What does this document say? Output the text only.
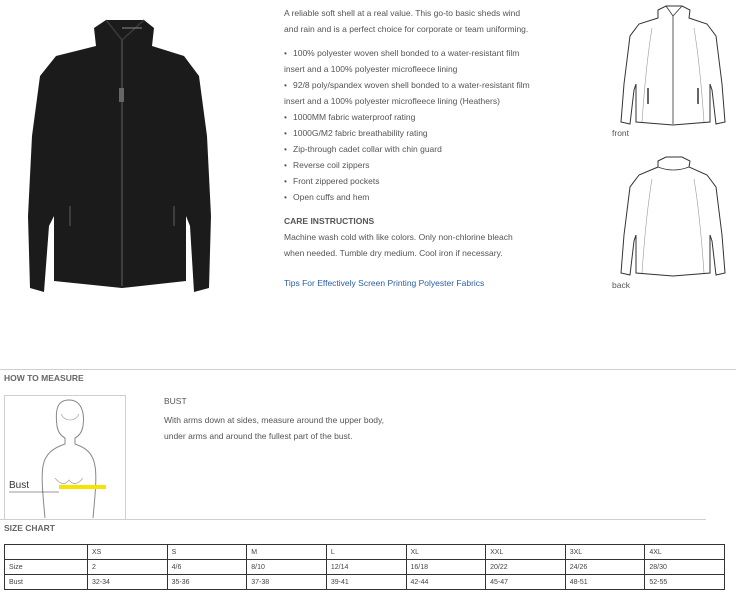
A reliable soft shell at a real value. This go-to basic sheds wind and rain and is a perfect choice for corporate or team uniforming.

• 100% polyester woven shell bonded to a water-resistant film insert and a 100% polyester microfleece lining
• 92/8 poly/spandex woven shell bonded to a water-resistant film insert and a 100% polyester microfleece lining (Heathers)
• 1000MM fabric waterproof rating
• 1000G/M2 fabric breathability rating
• Zip-through cadet collar with chin guard
• Reverse coil zippers
• Front zippered pockets
• Open cuffs and hem
CARE INSTRUCTIONS

Machine wash cold with like colors. Only non-chlorine bleach when needed. Tumble dry medium. Cool iron if necessary.

Tips For Effectively Screen Printing Polyester Fabrics
front
back
HOW TO MEASURE
Bust
BUST
With arms down at sides, measure around the upper body, under arms and around the fullest part of the bust.
SIZE CHART
	XS	S	M	L	XL	XXL	3XL	4XL
Size	2	4/6	8/10	12/14	16/18	20/22	24/26	28/30
Bust	32-34	35-36	37-38	39-41	42-44	45-47	48-51	52-55
